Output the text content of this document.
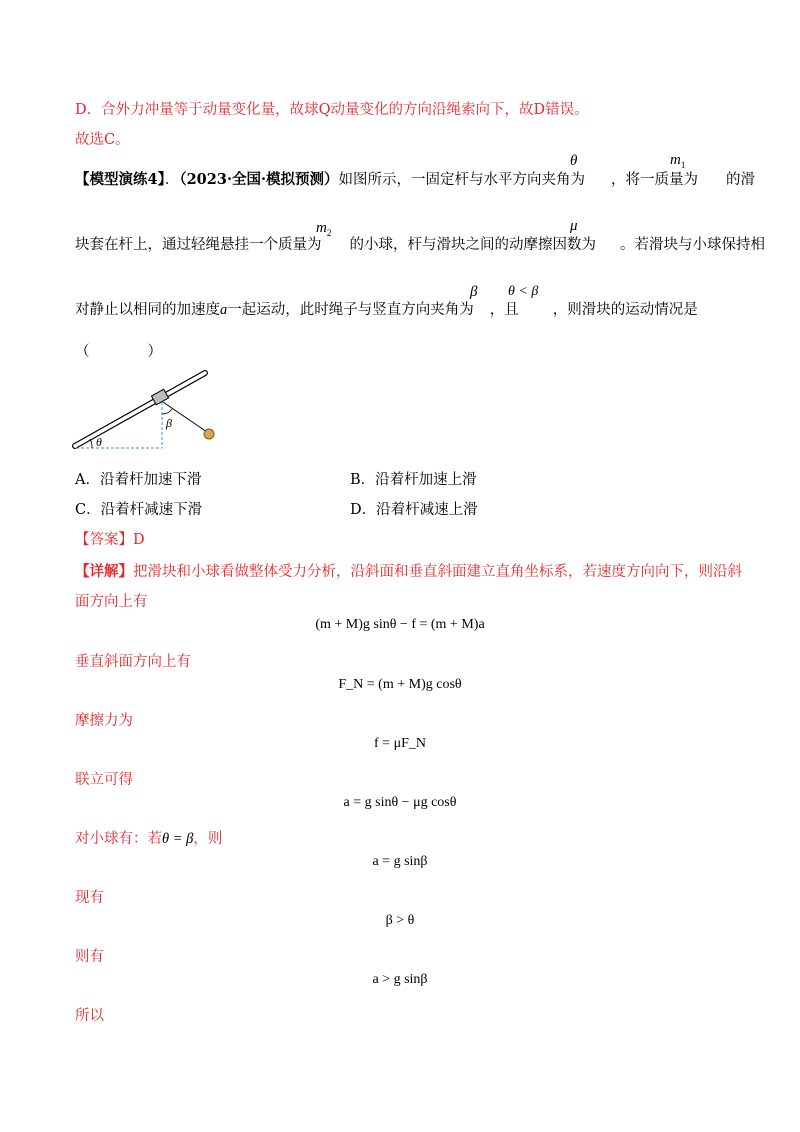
D．合外力冲量等于动量变化量，故球Q动量变化的方向沿绳索向下，故D错误。
故选C。
【模型演练4】．（2023·全国·模拟预测）如图所示，一固定杆与水平方向夹角为 ，将一质量为 的滑
θ	$m_1$
块套在杆上，通过轻绳悬挂一个质量为 的小球，杆与滑块之间的动摩擦因数为 。若滑块与小球保持相
$m_2$	μ
对静止以相同的加速度a一起运动，此时绳子与竖直方向夹角为 ，且 ，则滑块的运动情况是
β θ < β
（　　　　）
β
θ
A．沿着杆加速下滑	B．沿着杆加速上滑
C．沿着杆减速下滑	D．沿着杆减速上滑
【答案】D
【详解】把滑块和小球看做整体受力分析，沿斜面和垂直斜面建立直角坐标系，若速度方向向下，则沿斜
面方向上有
(m + M)g sinθ − f = (m + M)a
垂直斜面方向上有
F_N = (m + M)g cosθ
摩擦力为
f = μF_N
联立可得
a = g sinθ − μg cosθ
对小球有：若θ = β，则
a = g sinβ
现有
β > θ
则有
a > g sinβ
所以
